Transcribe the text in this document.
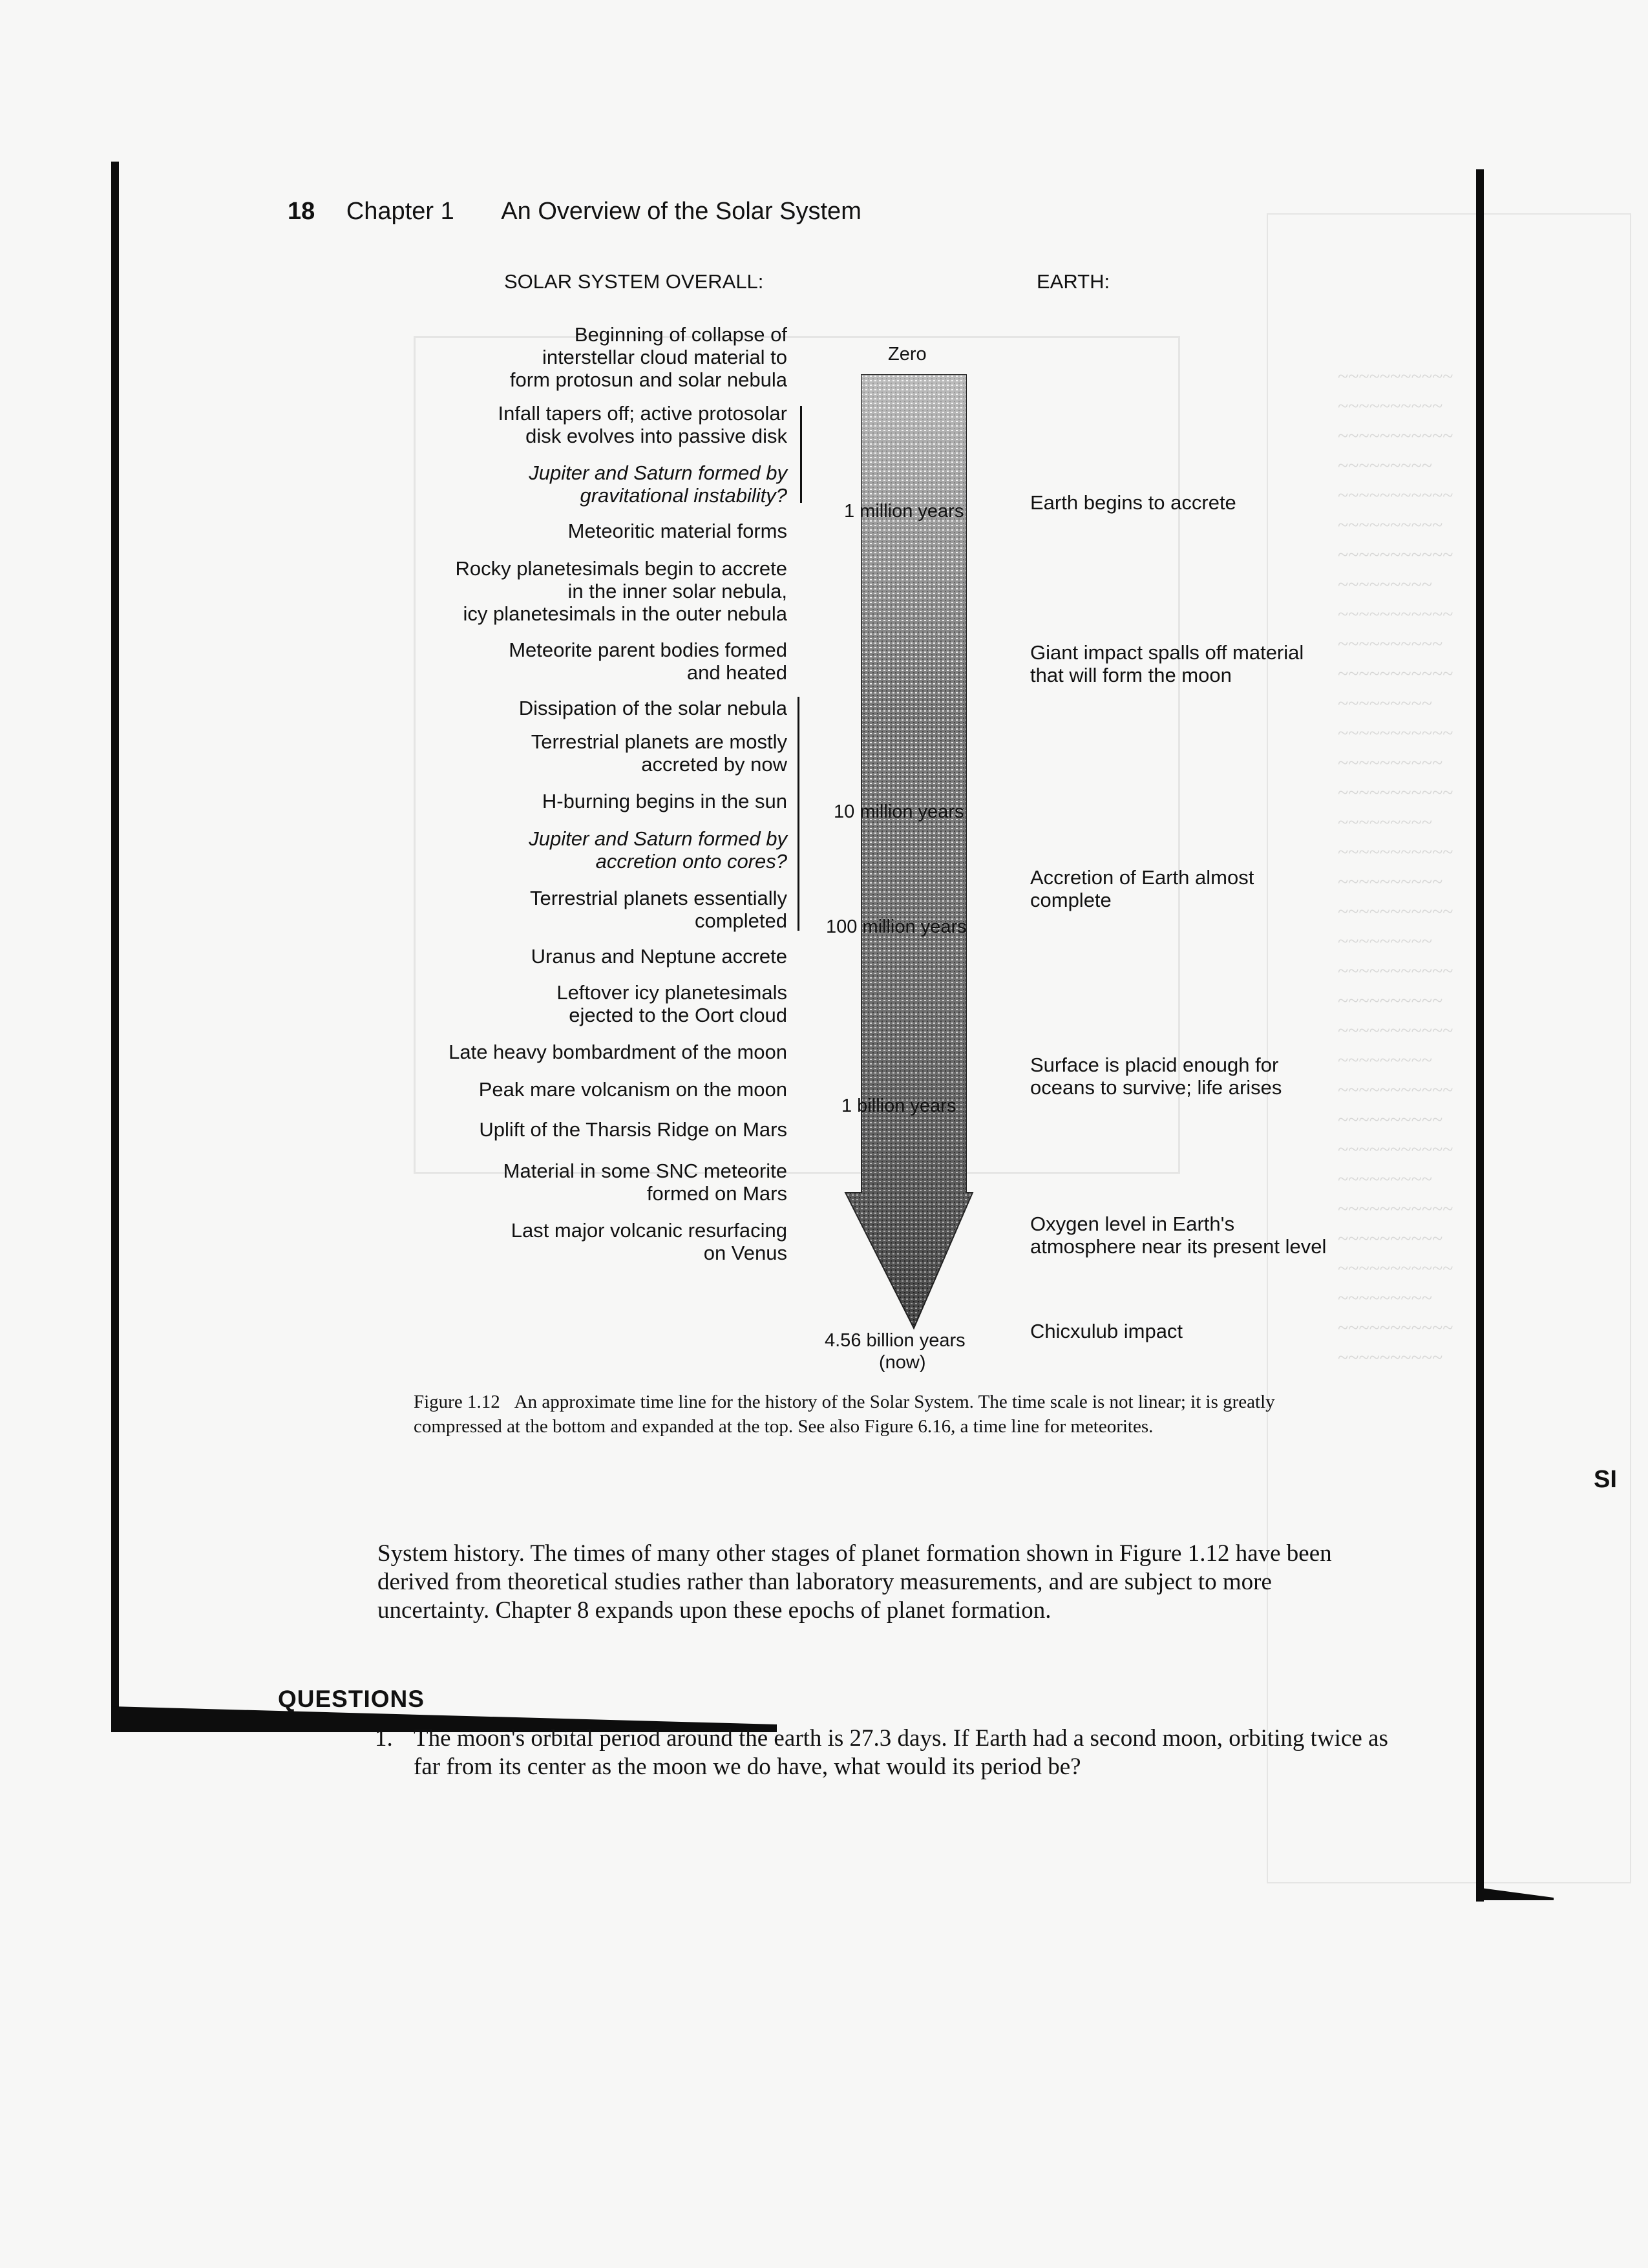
~~~~~~~~~~~
~~~~~~~~~~
~~~~~~~~~~~
~~~~~~~~~
~~~~~~~~~~~
~~~~~~~~~~
~~~~~~~~~~~
~~~~~~~~~
~~~~~~~~~~~
~~~~~~~~~~
~~~~~~~~~~~
~~~~~~~~~
~~~~~~~~~~~
~~~~~~~~~~
~~~~~~~~~~~
~~~~~~~~~
~~~~~~~~~~~
~~~~~~~~~~
~~~~~~~~~~~
~~~~~~~~~
~~~~~~~~~~~
~~~~~~~~~~
~~~~~~~~~~~
~~~~~~~~~
~~~~~~~~~~~
~~~~~~~~~~
~~~~~~~~~~~
~~~~~~~~~
~~~~~~~~~~~
~~~~~~~~~~
~~~~~~~~~~~
~~~~~~~~~
~~~~~~~~~~~
~~~~~~~~~~
18 Chapter 1 An Overview of the Solar System
SOLAR SYSTEM OVERALL:	EARTH:
Zero
1 million years
10 million years
100 million years
1 billion years
4.56 billion years
(now)
Beginning of collapse of
interstellar cloud material to
form protosun and solar nebula
Infall tapers off; active protosolar
disk evolves into passive disk
Jupiter and Saturn formed by
gravitational instability?
Meteoritic material forms
Rocky planetesimals begin to accrete
in the inner solar nebula,
icy planetesimals in the outer nebula
Meteorite parent bodies formed
and heated
Dissipation of the solar nebula
Terrestrial planets are mostly
accreted by now
H-burning begins in the sun
Jupiter and Saturn formed by
accretion onto cores?
Terrestrial planets essentially
completed
Uranus and Neptune accrete
Leftover icy planetesimals
ejected to the Oort cloud
Late heavy bombardment of the moon
Peak mare volcanism on the moon
Uplift of the Tharsis Ridge on Mars
Material in some SNC meteorite
formed on Mars
Last major volcanic resurfacing
on Venus
Earth begins to accrete
Giant impact spalls off material
that will form the moon
Accretion of Earth almost
complete
Surface is placid enough for
oceans to survive; life arises
Oxygen level in Earth's
atmosphere near its present level
Chicxulub impact
Figure 1.12 An approximate time line for the history of the Solar System. The time scale is not linear; it is greatly compressed at the bottom and expanded at the top. See also Figure 6.16, a time line for meteorites.
SI
System history. The times of many other stages of planet formation shown in Figure 1.12 have been derived from theoretical studies rather than laboratory measurements, and are subject to more uncertainty. Chapter 8 expands upon these epochs of planet formation.
QUESTIONS
1. The moon's orbital period around the earth is 27.3 days. If Earth had a second moon, orbiting twice as far from its center as the moon we do have, what would its period be?
